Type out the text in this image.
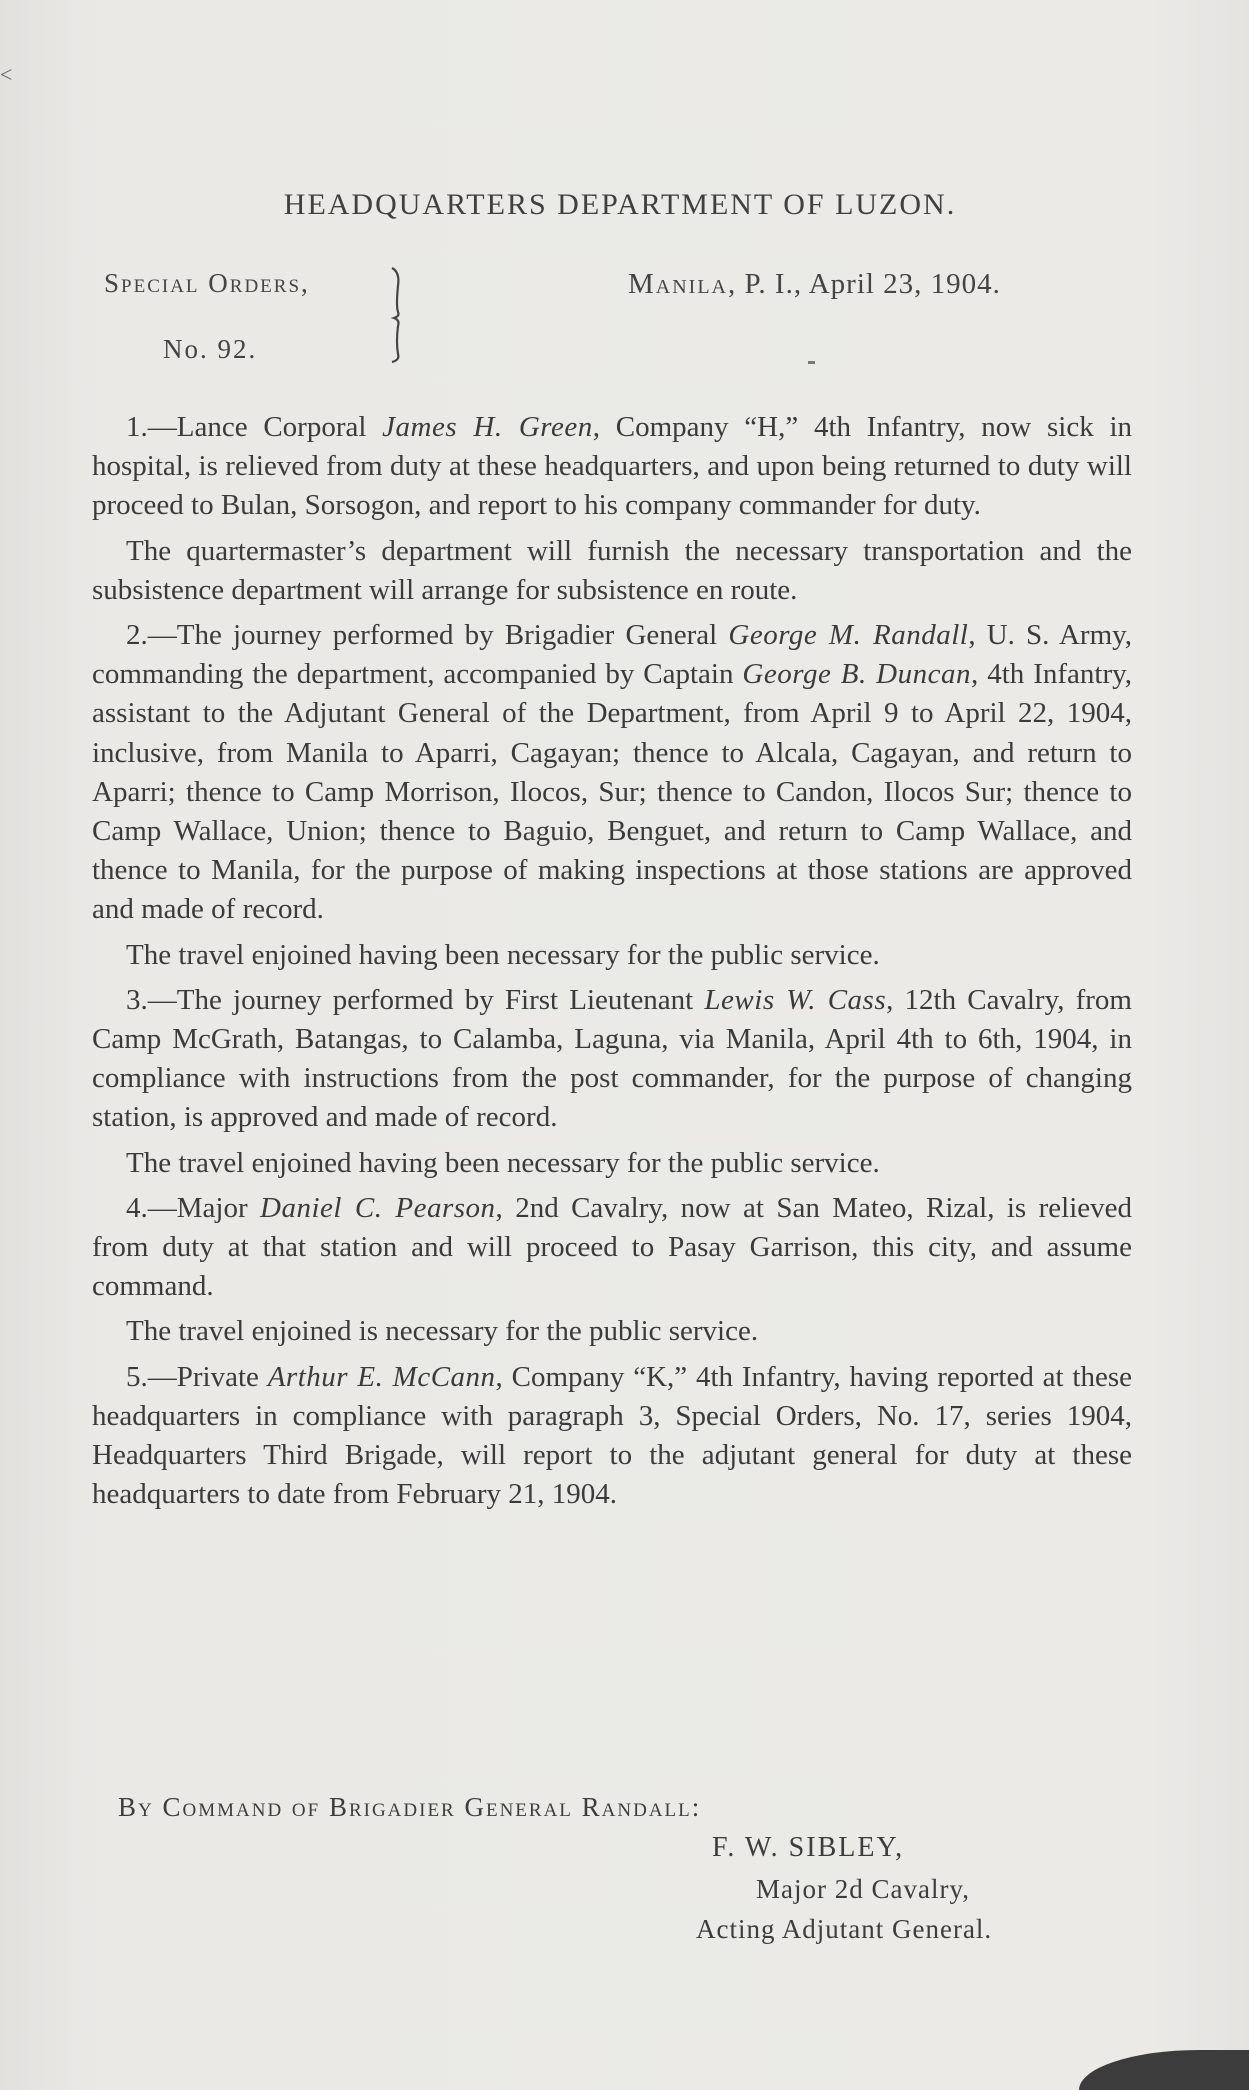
˂
HEADQUARTERS DEPARTMENT OF LUZON.
Special Orders,
No. 92.
Manila, P. I., April 23, 1904.

1.—Lance Corporal James H. Green, Company “H,” 4th Infantry, now sick in hospital, is relieved from duty at these headquarters, and upon being returned to duty will proceed to Bulan, Sorsogon, and report to his company commander for duty.

The quartermaster’s department will furnish the necessary transportation and the subsistence department will arrange for subsistence en route.

2.—The journey performed by Brigadier General George M. Randall, U. S. Army, commanding the department, accompanied by Captain George B. Duncan, 4th Infantry, assistant to the Adjutant General of the Department, from April 9 to April 22, 1904, inclusive, from Manila to Aparri, Cagayan; thence to Alcala, Cagayan, and return to Aparri; thence to Camp Morrison, Ilocos, Sur; thence to Candon, Ilocos Sur; thence to Camp Wallace, Union; thence to Baguio, Benguet, and return to Camp Wallace, and thence to Manila, for the purpose of making inspections at those stations are approved and made of record.

The travel enjoined having been necessary for the public service.

3.—The journey performed by First Lieutenant Lewis W. Cass, 12th Cavalry, from Camp McGrath, Batangas, to Calamba, Laguna, via Manila, April 4th to 6th, 1904, in compliance with instructions from the post commander, for the purpose of changing station, is approved and made of record.

The travel enjoined having been necessary for the public service.

4.—Major Daniel C. Pearson, 2nd Cavalry, now at San Mateo, Rizal, is relieved from duty at that station and will proceed to Pasay Garrison, this city, and assume command.

The travel enjoined is necessary for the public service.

5.—Private Arthur E. McCann, Company “K,” 4th Infantry, having reported at these headquarters in compliance with paragraph 3, Special Orders, No. 17, series 1904, Headquarters Third Brigade, will report to the adjutant general for duty at these headquarters to date from February 21, 1904.

By Command of Brigadier General Randall:
F. W. SIBLEY,
Major 2d Cavalry,
Acting Adjutant General.
